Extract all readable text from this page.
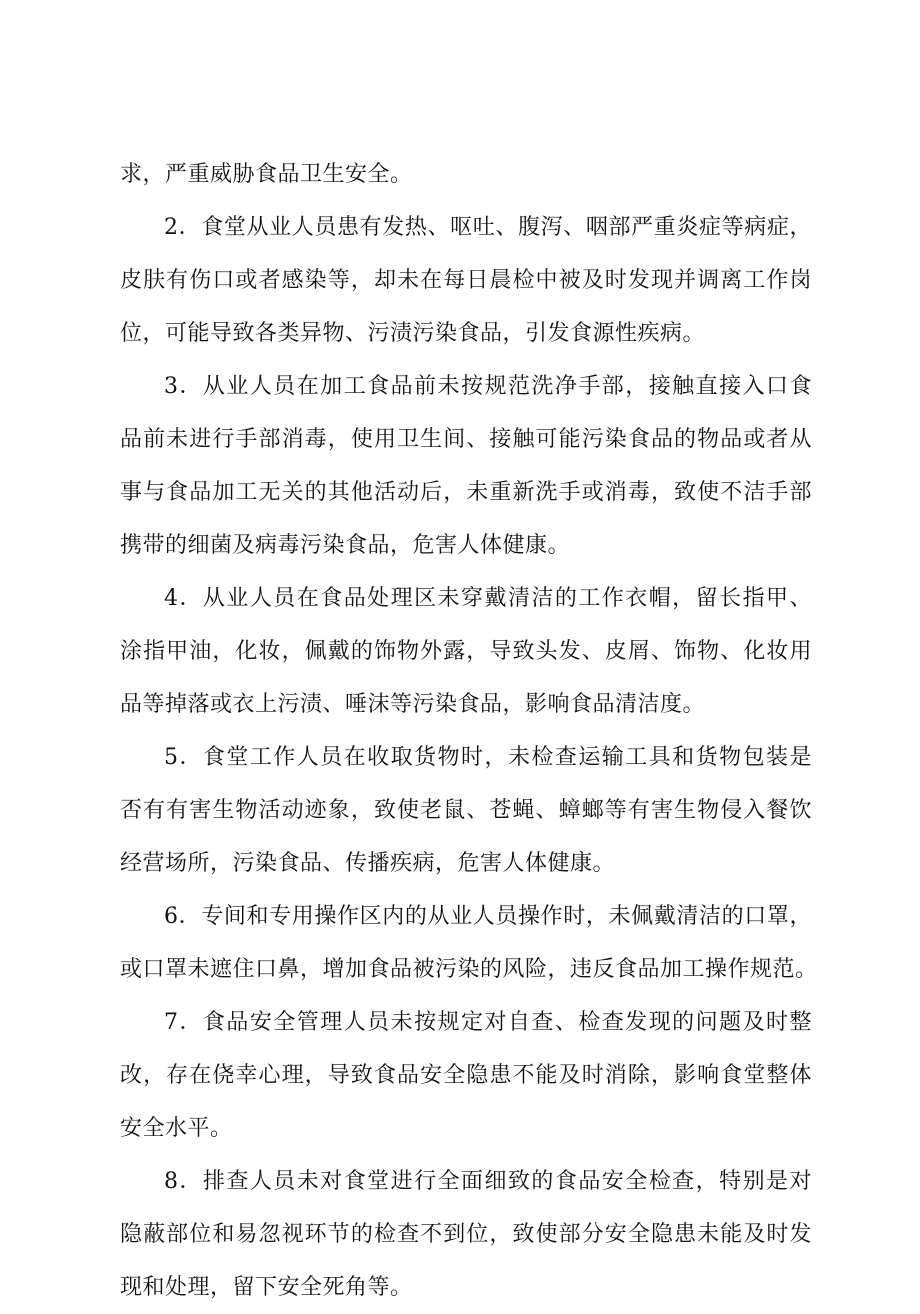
求，严重威胁食品卫生安全。
2．食堂从业人员患有发热、呕吐、腹泻、咽部严重炎症等病症，
皮肤有伤口或者感染等，却未在每日晨检中被及时发现并调离工作岗
位，可能导致各类异物、污渍污染食品，引发食源性疾病。
3．从业人员在加工食品前未按规范洗净手部，接触直接入口食
品前未进行手部消毒，使用卫生间、接触可能污染食品的物品或者从
事与食品加工无关的其他活动后，未重新洗手或消毒，致使不洁手部
携带的细菌及病毒污染食品，危害人体健康。
4．从业人员在食品处理区未穿戴清洁的工作衣帽，留长指甲、
涂指甲油，化妆，佩戴的饰物外露，导致头发、皮屑、饰物、化妆用
品等掉落或衣上污渍、唾沫等污染食品，影响食品清洁度。
5．食堂工作人员在收取货物时，未检查运输工具和货物包装是
否有有害生物活动迹象，致使老鼠、苍蝇、蟑螂等有害生物侵入餐饮
经营场所，污染食品、传播疾病，危害人体健康。
6．专间和专用操作区内的从业人员操作时，未佩戴清洁的口罩，
或口罩未遮住口鼻，增加食品被污染的风险，违反食品加工操作规范。
7．食品安全管理人员未按规定对自查、检查发现的问题及时整
改，存在侥幸心理，导致食品安全隐患不能及时消除，影响食堂整体
安全水平。
8．排查人员未对食堂进行全面细致的食品安全检查，特别是对
隐蔽部位和易忽视环节的检查不到位，致使部分安全隐患未能及时发
现和处理，留下安全死角等。
